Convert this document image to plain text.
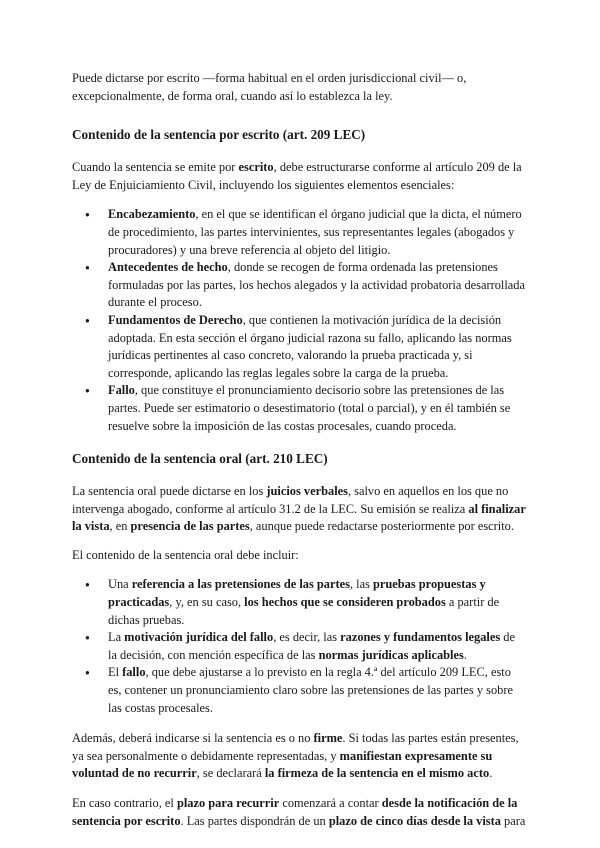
Puede dictarse por escrito —forma habitual en el orden jurisdiccional civil— o, excepcionalmente, de forma oral, cuando así lo establezca la ley.

Contenido de la sentencia por escrito (art. 209 LEC)

Cuando la sentencia se emite por escrito, debe estructurarse conforme al artículo 209 de la Ley de Enjuiciamiento Civil, incluyendo los siguientes elementos esenciales:

● Encabezamiento, en el que se identifican el órgano judicial que la dicta, el número de procedimiento, las partes intervinientes, sus representantes legales (abogados y procuradores) y una breve referencia al objeto del litigio.
● Antecedentes de hecho, donde se recogen de forma ordenada las pretensiones formuladas por las partes, los hechos alegados y la actividad probatoria desarrollada durante el proceso.
● Fundamentos de Derecho, que contienen la motivación jurídica de la decisión adoptada. En esta sección el órgano judicial razona su fallo, aplicando las normas jurídicas pertinentes al caso concreto, valorando la prueba practicada y, si corresponde, aplicando las reglas legales sobre la carga de la prueba.
● Fallo, que constituye el pronunciamiento decisorio sobre las pretensiones de las partes. Puede ser estimatorio o desestimatorio (total o parcial), y en él también se resuelve sobre la imposición de las costas procesales, cuando proceda.
Contenido de la sentencia oral (art. 210 LEC)

La sentencia oral puede dictarse en los juicios verbales, salvo en aquellos en los que no intervenga abogado, conforme al artículo 31.2 de la LEC. Su emisión se realiza al finalizar la vista, en presencia de las partes, aunque puede redactarse posteriormente por escrito.

El contenido de la sentencia oral debe incluir:

● Una referencia a las pretensiones de las partes, las pruebas propuestas y practicadas, y, en su caso, los hechos que se consideren probados a partir de dichas pruebas.
● La motivación jurídica del fallo, es decir, las razones y fundamentos legales de la decisión, con mención específica de las normas jurídicas aplicables.
● El fallo, que debe ajustarse a lo previsto en la regla 4.ª del artículo 209 LEC, esto es, contener un pronunciamiento claro sobre las pretensiones de las partes y sobre las costas procesales.

Además, deberá indicarse si la sentencia es o no firme. Si todas las partes están presentes, ya sea personalmente o debidamente representadas, y manifiestan expresamente su voluntad de no recurrir, se declarará la firmeza de la sentencia en el mismo acto.

En caso contrario, el plazo para recurrir comenzará a contar desde la notificación de la sentencia por escrito. Las partes dispondrán de un plazo de cinco días desde la vista para
